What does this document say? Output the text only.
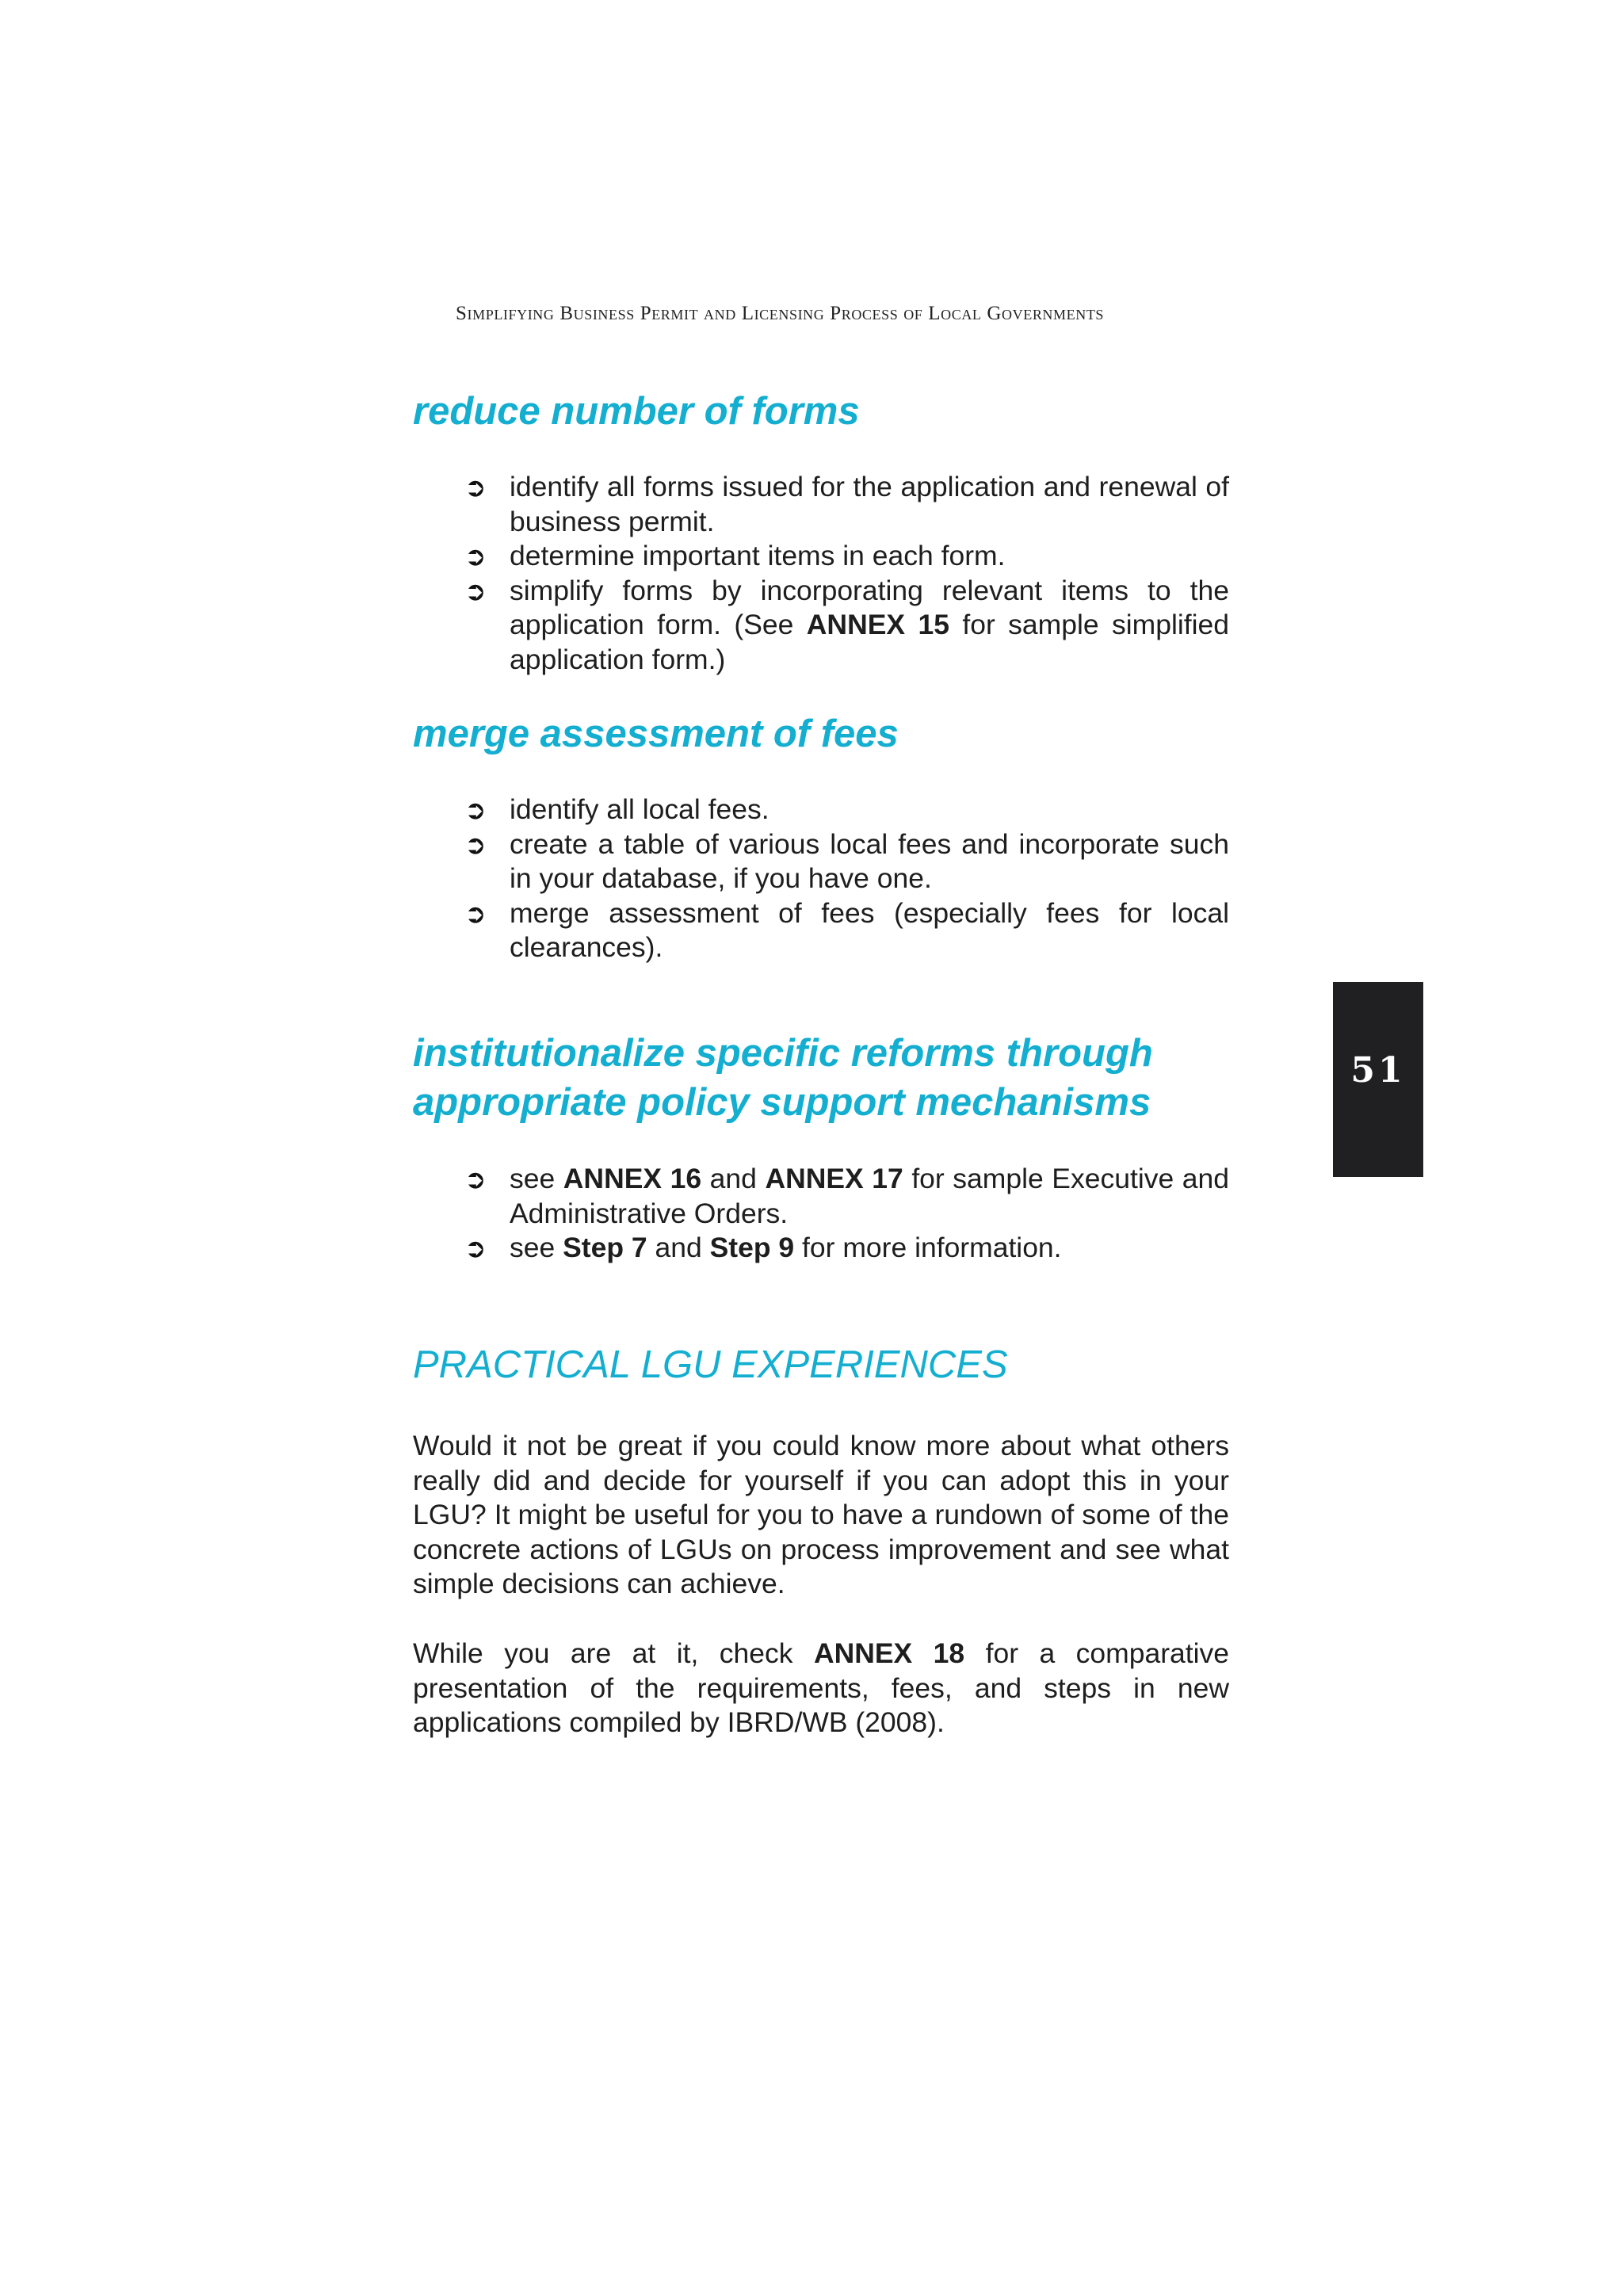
Simplifying Business Permit and Licensing Process of Local Governments
reduce number of forms
➲ identify all forms issued for the application and renewal of business permit.
➲ determine important items in each form.
➲ simplify forms by incorporating relevant items to the application form. (See ANNEX 15 for sample simplified application form.)
merge assessment of fees
➲ identify all local fees.
➲ create a table of various local fees and incorporate such in your database, if you have one.
➲ merge assessment of fees (especially fees for local clearances).
institutionalize specific reforms through
appropriate policy support mechanisms
➲ see ANNEX 16 and ANNEX 17 for sample Executive and Administrative Orders.
➲ see Step 7 and Step 9 for more information.
PRACTICAL LGU EXPERIENCES

Would it not be great if you could know more about what others really did and decide for yourself if you can adopt this in your LGU? It might be useful for you to have a rundown of some of the concrete actions of LGUs on process improvement and see what simple decisions can achieve.

While you are at it, check ANNEX 18 for a comparative presentation of the requirements, fees, and steps in new applications compiled by IBRD/WB (2008).

51
